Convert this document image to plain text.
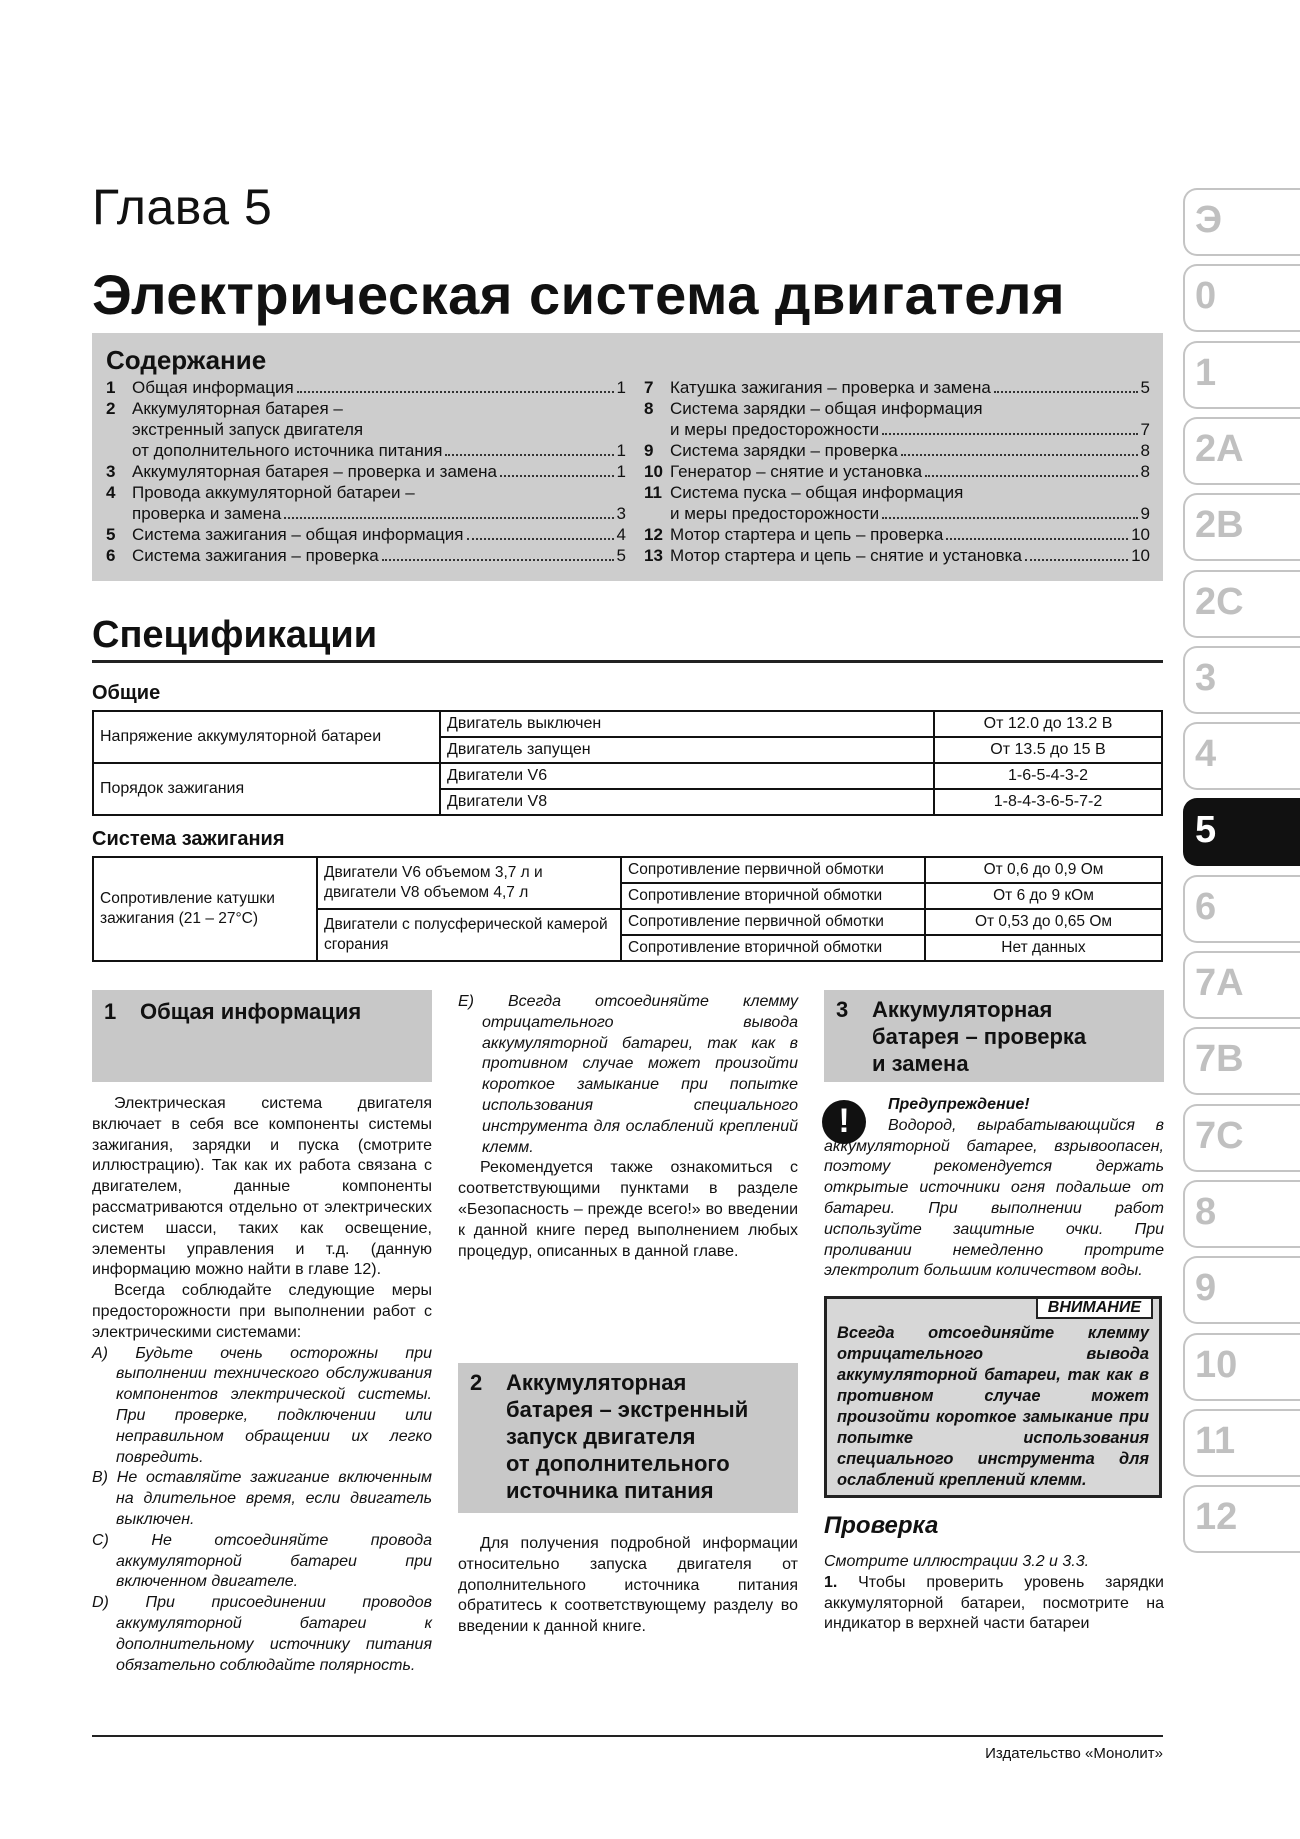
Глава 5
Электрическая система двигателя
Содержание
1 Общая информация	1
2 Аккумуляторная батарея –
экстренный запуск двигателя
от дополнительного источника питания	1
3 Аккумуляторная батарея – проверка и замена	1
4 Провода аккумуляторной батареи –
проверка и замена	3
5 Система зажигания – общая информация	4
6 Система зажигания – проверка	5
7 Катушка зажигания – проверка и замена	5
8 Система зарядки – общая информация
и меры предосторожности	7
9 Система зарядки – проверка	8
10 Генератор – снятие и установка	8
11 Система пуска – общая информация
и меры предосторожности	9
12 Мотор стартера и цепь – проверка	10
13 Мотор стартера и цепь – снятие и установка	10
Спецификации
Общие
Напряжение аккумуляторной батареи	Двигатель выключен	От 12.0 до 13.2 В
	Двигатель запущен	От 13.5 до 15 В
Порядок зажигания	Двигатели V6	1-6-5-4-3-2
	Двигатели V8	1-8-4-3-6-5-7-2
Система зажигания
Сопротивление катушки зажигания (21 – 27°С)	Двигатели V6 объемом 3,7 л и двигатели V8 объемом 4,7 л	Сопротивление первичной обмотки	От 0,6 до 0,9 Ом
		Сопротивление вторичной обмотки	От 6 до 9 кОм
	Двигатели с полусферической камерой сгорания	Сопротивление первичной обмотки	От 0,53 до 0,65 Ом
		Сопротивление вторичной обмотки	Нет данных
1 Общая информация

Электрическая система двигателя включает в себя все компоненты системы зажигания, зарядки и пуска (смотрите иллюстрацию). Так как их работа связана с двигателем, данные компоненты рассматриваются отдельно от электрических систем шасси, таких как освещение, элементы управления и т.д. (данную информацию можно найти в главе 12).

Всегда соблюдайте следующие меры предосторожности при выполнении работ с электрическими системами:

А) Будьте очень осторожны при выполнении технического обслуживания компонентов электрической системы. При проверке, подключении или неправильном обращении их легко повредить.

В) Не оставляйте зажигание включенным на длительное время, если двигатель выключен.

С) Не отсоединяйте провода аккумуляторной батареи при включенном двигателе.

D) При присоединении проводов аккумуляторной батареи к дополнительному источнику питания обязательно соблюдайте полярность.

E) Всегда отсоединяйте клемму отрицательного вывода аккумуляторной батареи, так как в противном случае может произойти короткое замыкание при попытке использования специального инструмента для ослаблений креплений клемм.

Рекомендуется также ознакомиться с соответствующими пунктами в разделе «Безопасность – прежде всего!» во введении к данной книге перед выполнением любых процедур, описанных в данной главе.

2 Аккумуляторная
батарея – экстренный
запуск двигателя
от дополнительного
источника питания

Для получения подробной информации относительно запуска двигателя от дополнительного источника питания обратитесь к соответствующему разделу во введении к данной книге.

3 Аккумуляторная
батарея – проверка
и замена
!	Предупреждение!

Водород, вырабатывающийся в аккумуляторной батарее, взрывоопасен, поэтому рекомендуется держать открытые источники огня подальше от батареи. При выполнении работ используйте защитные очки. При проливании немедленно протрите электролит большим количеством воды.

ВНИМАНИЕ
Всегда отсоединяйте клемму отрицательного вывода аккумуляторной батареи, так как в противном случае может произойти короткое замыкание при попытке использования специального инструмента для ослаблений креплений клемм.
Проверка

Смотрите иллюстрации 3.2 и 3.3.

1. Чтобы проверить уровень зарядки аккумуляторной батареи, посмотрите на индикатор в верхней части батареи

Издательство «Монолит»
Э
0
1
2A
2B
2C
3
4
5
6
7A
7B
7C
8
9
10
11
12
